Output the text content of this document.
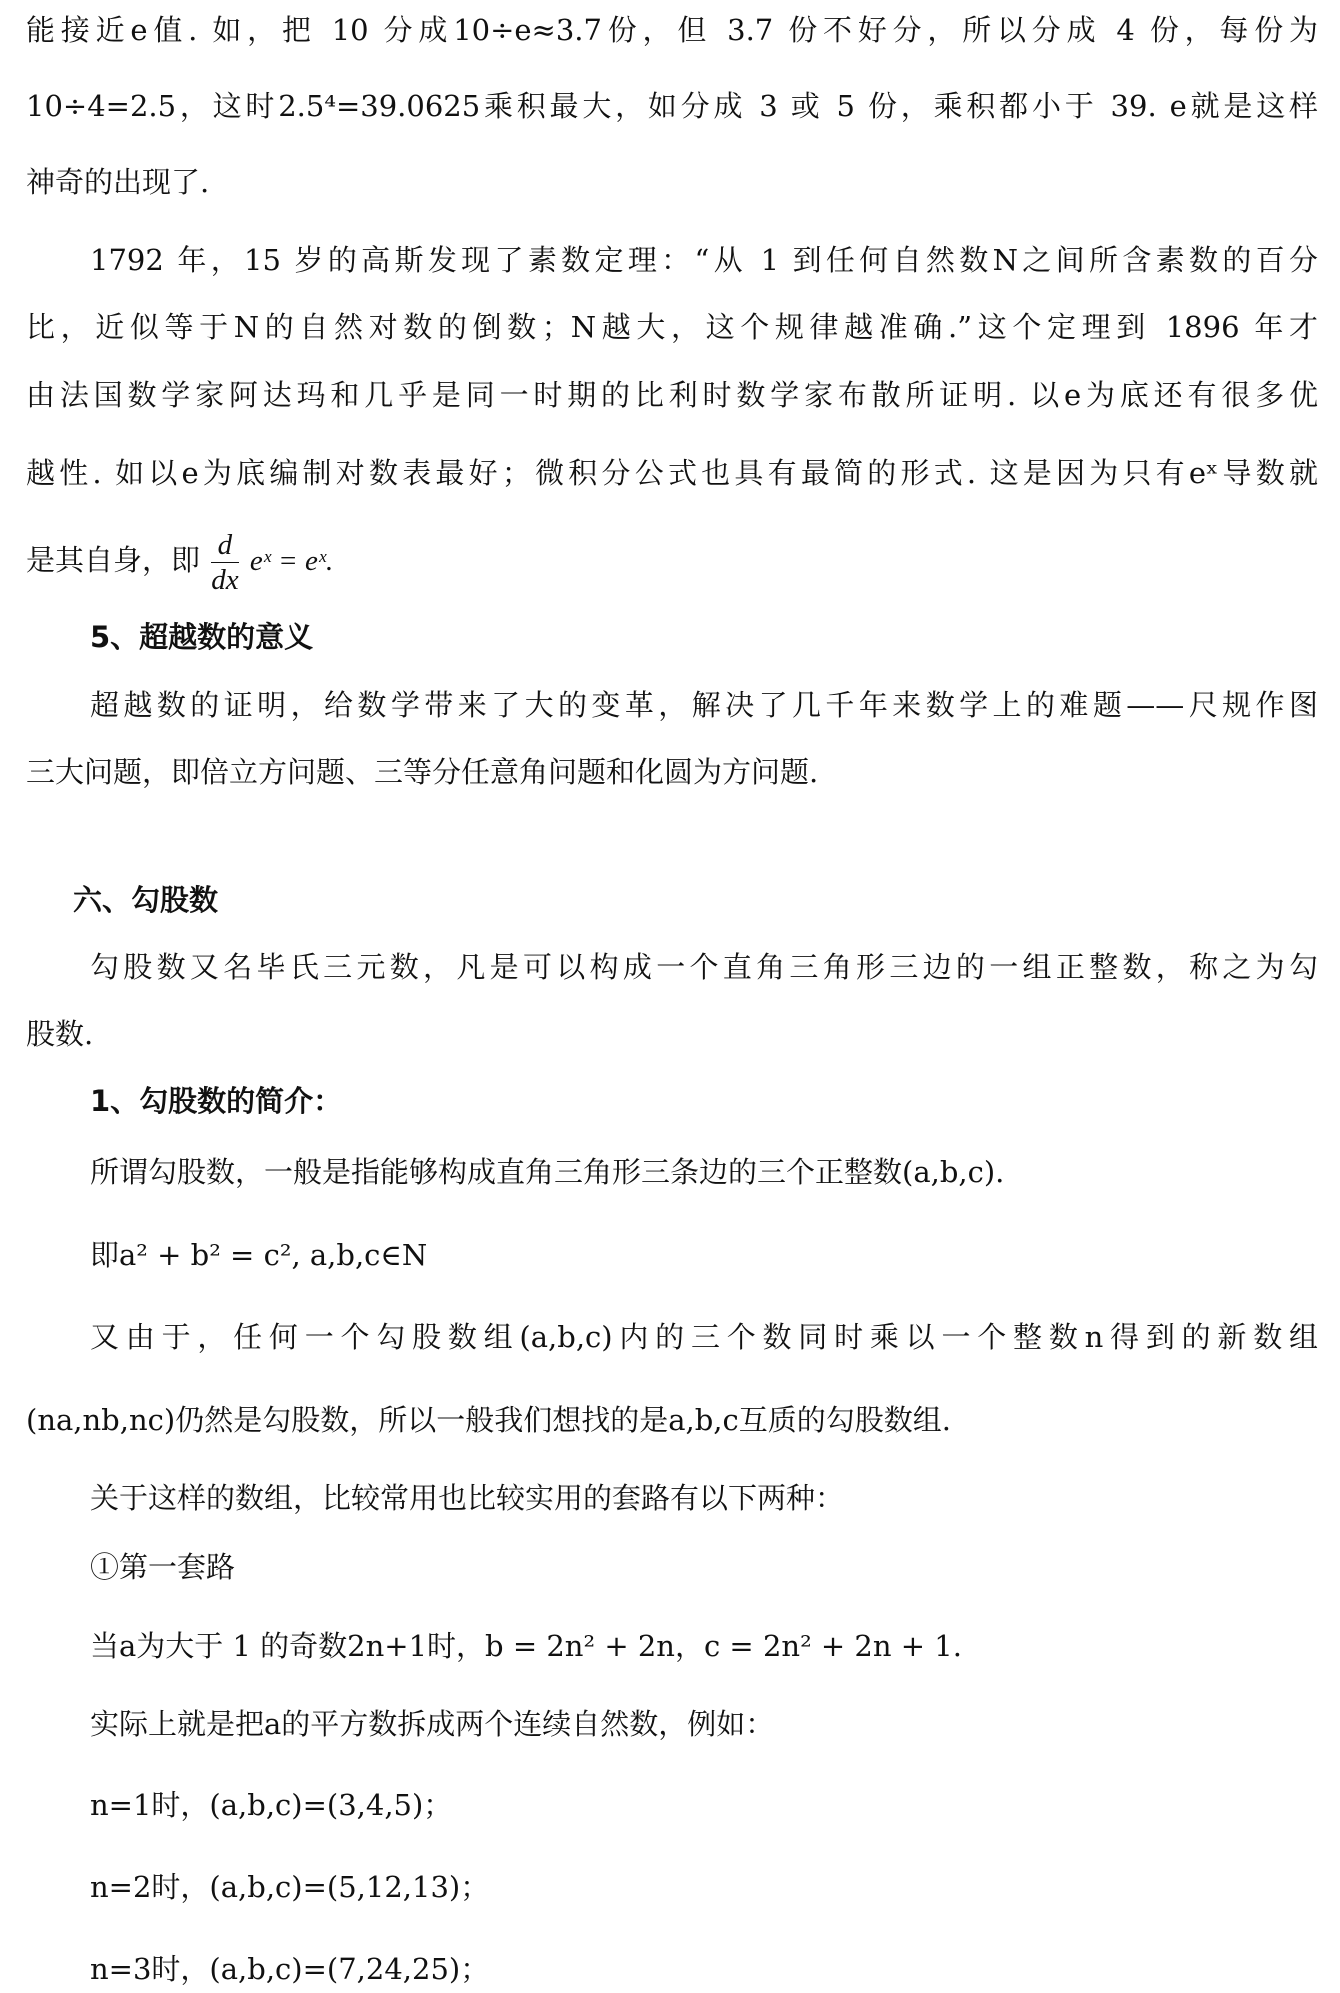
能接近e值. 如，把 10 分成10÷e≈3.7份，但 3.7 份不好分，所以分成 4 份，每份为
10÷4=2.5，这时2.5⁴=39.0625乘积最大，如分成 3 或 5 份，乘积都小于 39. e就是这样
神奇的出现了.
1792 年，15 岁的高斯发现了素数定理：“从 1 到任何自然数N之间所含素数的百分
比，近似等于N的自然对数的倒数；N越大，这个规律越准确.”这个定理到 1896 年才
由法国数学家阿达玛和几乎是同一时期的比利时数学家布散所证明. 以e为底还有很多优
越性. 如以e为底编制对数表最好；微积分公式也具有最简的形式. 这是因为只有eˣ导数就
是其自身，即 $\frac{d}{dx}$ eˣ = eˣ.
5、超越数的意义
超越数的证明，给数学带来了大的变革，解决了几千年来数学上的难题——尺规作图
三大问题，即倍立方问题、三等分任意角问题和化圆为方问题.
六、勾股数
勾股数又名毕氏三元数，凡是可以构成一个直角三角形三边的一组正整数，称之为勾
股数.
1、勾股数的简介：
所谓勾股数，一般是指能够构成直角三角形三条边的三个正整数(a,b,c).
即a² + b² = c², a,b,c∈N
又由于，任何一个勾股数组(a,b,c)内的三个数同时乘以一个整数n得到的新数组
(na,nb,nc)仍然是勾股数，所以一般我们想找的是a,b,c互质的勾股数组.
关于这样的数组，比较常用也比较实用的套路有以下两种：
①第一套路
当a为大于 1 的奇数2n+1时，b = 2n² + 2n，c = 2n² + 2n + 1.
实际上就是把a的平方数拆成两个连续自然数，例如：
n=1时，(a,b,c)=(3,4,5)；
n=2时，(a,b,c)=(5,12,13)；
n=3时，(a,b,c)=(7,24,25)；
